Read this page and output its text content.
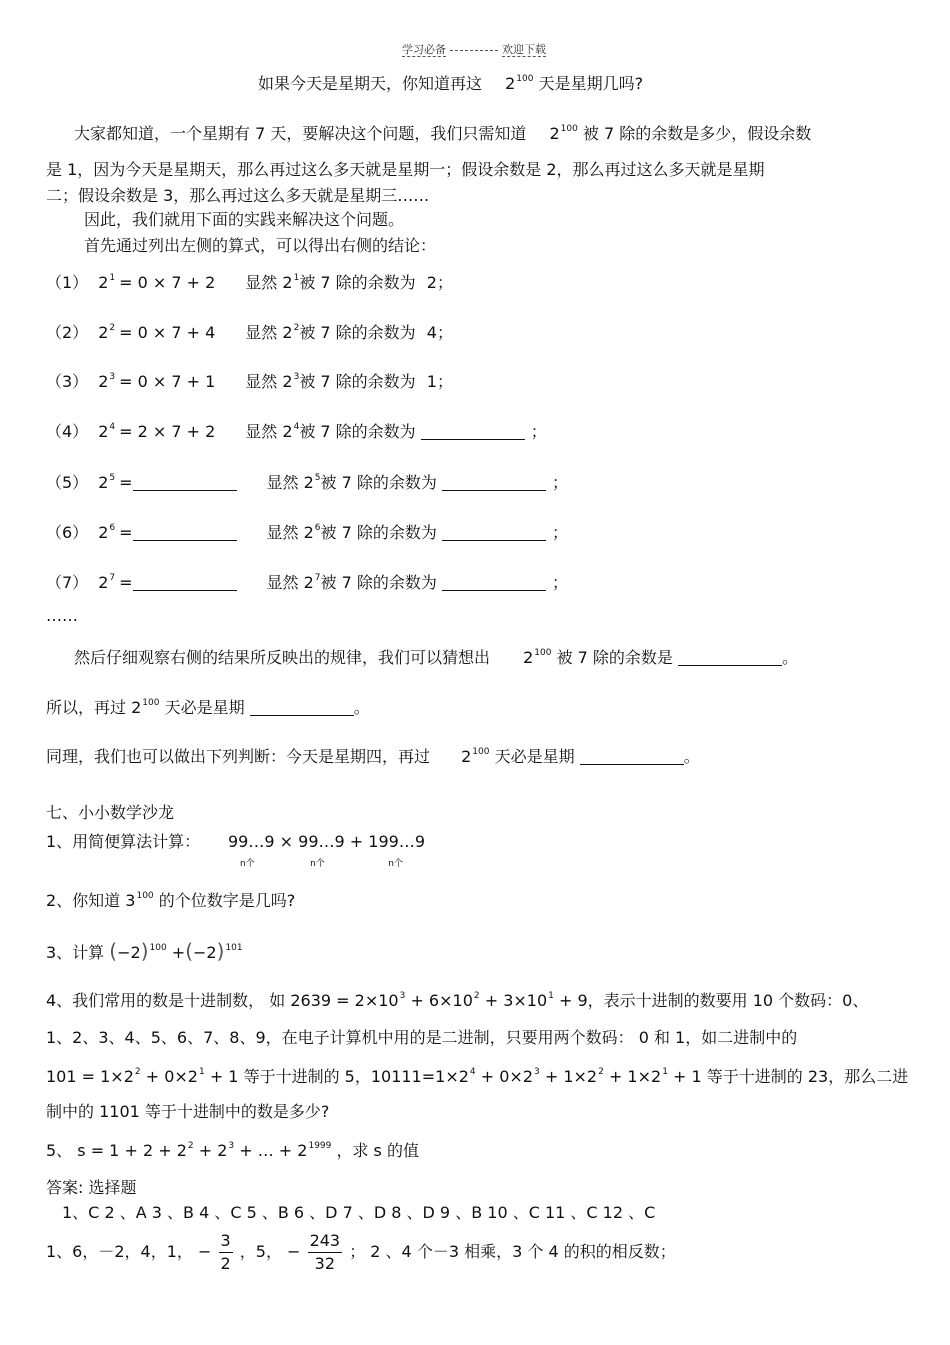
学习必备	欢迎下载
如果今天是星期天，你知道再这 $2^{100}$ 天是星期几吗?
大家都知道，一个星期有 7 天，要解决这个问题，我们只需知道 $2^{100}$ 被 7 除的余数是多少，假设余数
是 1，因为今天是星期天，那么再过这么多天就是星期一；假设余数是 2，那么再过这么多天就是星期
二；假设余数是 3，那么再过这么多天就是星期三……
因此，我们就用下面的实践来解决这个问题。
首先通过列出左侧的算式，可以得出右侧的结论：
（1） $2^1 = 0 \times 7 + 2$ 显然 $2^1$被 7 除的余数为 2；
（2） $2^2 = 0 \times 7 + 4$ 显然 $2^2$被 7 除的余数为 4；
（3） $2^3 = 0 \times 7 + 1$ 显然 $2^3$被 7 除的余数为 1；
（4） $2^4 = 2 \times 7 + 2$ 显然 $2^4$被 7 除的余数为	；
（5） $2^5$ =	显然 $2^5$被 7 除的余数为	；
（6） $2^6$ =	显然 $2^6$被 7 除的余数为	；
（7） $2^7$ =	显然 $2^7$被 7 除的余数为	；
……
然后仔细观察右侧的结果所反映出的规律，我们可以猜想出 $2^{100}$ 被 7 除的余数是	。
所以，再过 $2^{100}$ 天必是星期	。
同理，我们也可以做出下列判断：今天是星期四，再过 $2^{100}$ 天必是星期	。
七、小小数学沙龙
1、用简便算法计算： 99…9
n个
× 99…9
n个
+ 199…9
n个
2、你知道 $3^{100}$ 的个位数字是几吗?
3、计算 $(-2)^{100} +(-2)^{101}$
4、我们常用的数是十进制数， 如 $2639 = 2\times 10^3 + 6\times 10^2 + 3\times 10^1 + 9$，表示十进制的数要用 10 个数码：0、
1、2、3、4、5、6、7、8、9，在电子计算机中用的是二进制，只要用两个数码： 0 和 1，如二进制中的
$101 = 1\times 2^2 + 0\times 2^1 + 1$ 等于十进制的 5，$10111=1\times 2^4 + 0\times 2^3 + 1\times 2^2 + 1\times 2^1 + 1$ 等于十进制的 23，那么二进
制中的 1101 等于十进制中的数是多少?
5、 $s = 1 + 2 + 2^2 + 2^3$ + … + $2^{1999}$ ，求 s 的值
答案: 选择题
1、C 2 、A 3 、B 4 、C 5 、B 6 、D 7 、D 8 、D 9 、B 10 、C 11 、C 12 、C
1、6，－2，4，1， − $\frac{3}{2}$ ，5， − $\frac{243}{32}$ ； 2 、4 个－3 相乘，3 个 4 的积的相反数；
